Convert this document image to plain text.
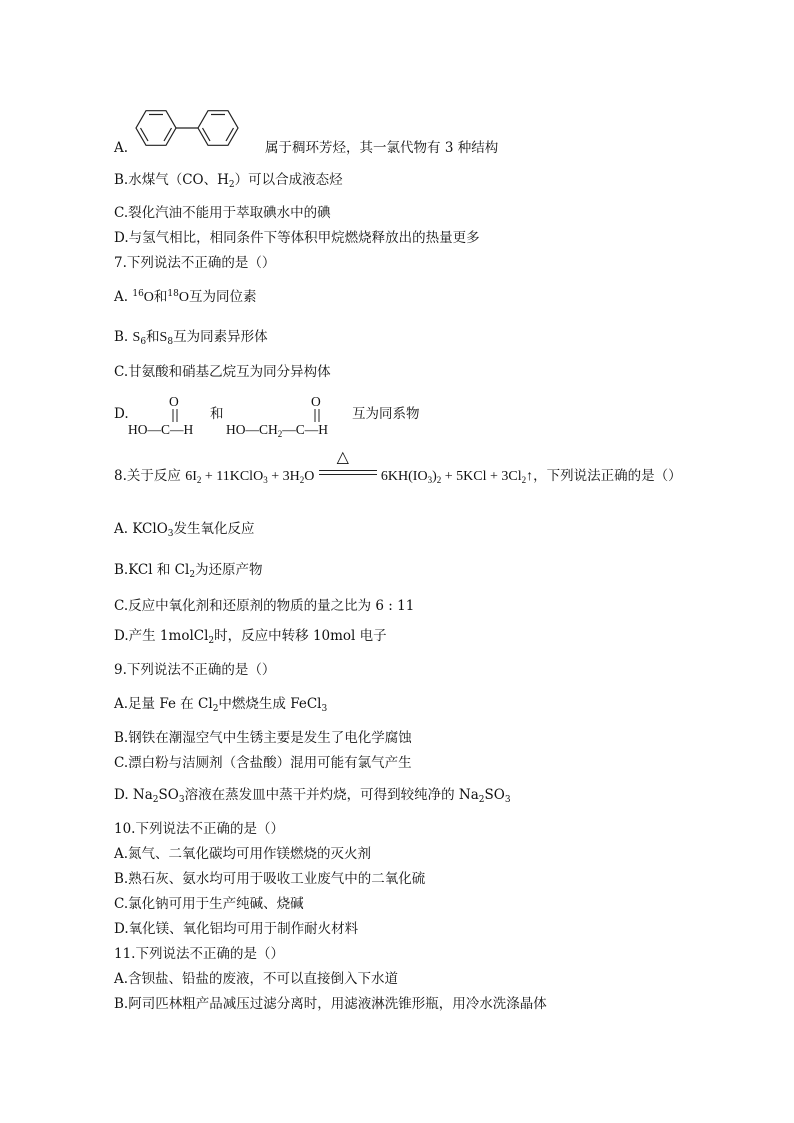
A.	属于稠环芳烃，其一氯代物有 3 种结构
B.水煤气（CO、$H_2$）可以合成液态烃
C.裂化汽油不能用于萃取碘水中的碘
D.与氢气相比，相同条件下等体积甲烷燃烧释放出的热量更多
7.下列说法不正确的是（）
A. $^{16}$O和$^{18}$O互为同位素
B. $S_6$和$S_8$互为同素异形体
C.甘氨酸和硝基乙烷互为同分异构体
D.
O
HO—C—H
和
O
$HO—CH_2—C—H$
互为同系物
8.关于反应 $6I_2$ + 11KClO$_3$ + $3H_2O$
△
$6KH(IO_3)_2 + 5KCl$ + $3Cl_2↑$，下列说法正确的是（）
A. KClO$_3$发生氧化反应
B.KCl 和 $Cl_2$为还原产物
C.反应中氧化剂和还原剂的物质的量之比为 6 : 11
D.产生 1molCl$_2$时，反应中转移 10mol 电子
9.下列说法不正确的是（）
A.足量 Fe 在 $Cl_2$中燃烧生成 FeCl$_3$
B.钢铁在潮湿空气中生锈主要是发生了电化学腐蚀
C.漂白粉与洁厕剂（含盐酸）混用可能有氯气产生
D. $Na_2SO_3$溶液在蒸发皿中蒸干并灼烧，可得到较纯净的 $Na_2SO_3$
10.下列说法不正确的是（）
A.氮气、二氧化碳均可用作镁燃烧的灭火剂
B.熟石灰、氨水均可用于吸收工业废气中的二氧化硫
C.氯化钠可用于生产纯碱、烧碱
D.氧化镁、氧化铝均可用于制作耐火材料
11.下列说法不正确的是（）
A.含钡盐、铅盐的废液，不可以直接倒入下水道
B.阿司匹林粗产品减压过滤分离时，用滤液淋洗锥形瓶，用冷水洗涤晶体
